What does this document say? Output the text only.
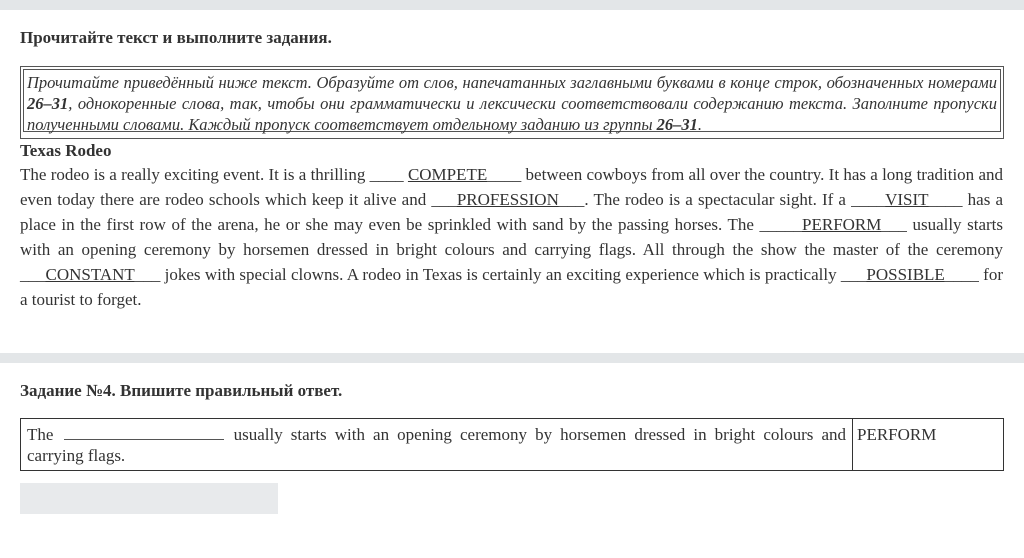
Прочитайте текст и выполните задания.
Прочитайте приведённый ниже текст. Образуйте от слов, напечатанных заглавными буквами в конце строк, обозначенных номерами 26–31, однокоренные слова, так, чтобы они грамматически и лексически соответствовали содержанию текста. Заполните пропуски полученными словами. Каждый пропуск соответствует отдельному заданию из группы 26–31.
Texas Rodeo
The rodeo is a really exciting event. It is a thrilling ____ COMPETE____ between cowboys from all over the country. It has a long tradition and even today there are rodeo schools which keep it alive and ___PROFESSION___. The rodeo is a spectacular sight. If a ____VISIT____ has a place in the first row of the arena, he or she may even be sprinkled with sand by the passing horses. The _____PERFORM___ usually starts with an opening ceremony by horsemen dressed in bright colours and carrying flags. All through the show the master of the ceremony ___CONSTANT___ jokes with special clowns. A rodeo in Texas is certainly an exciting experience which is practically ___POSSIBLE____ for a tourist to forget.
Задание №4. Впишите правильный ответ.
The	usually starts with an opening ceremony by horsemen dressed in bright colours and carrying flags.
PERFORM
